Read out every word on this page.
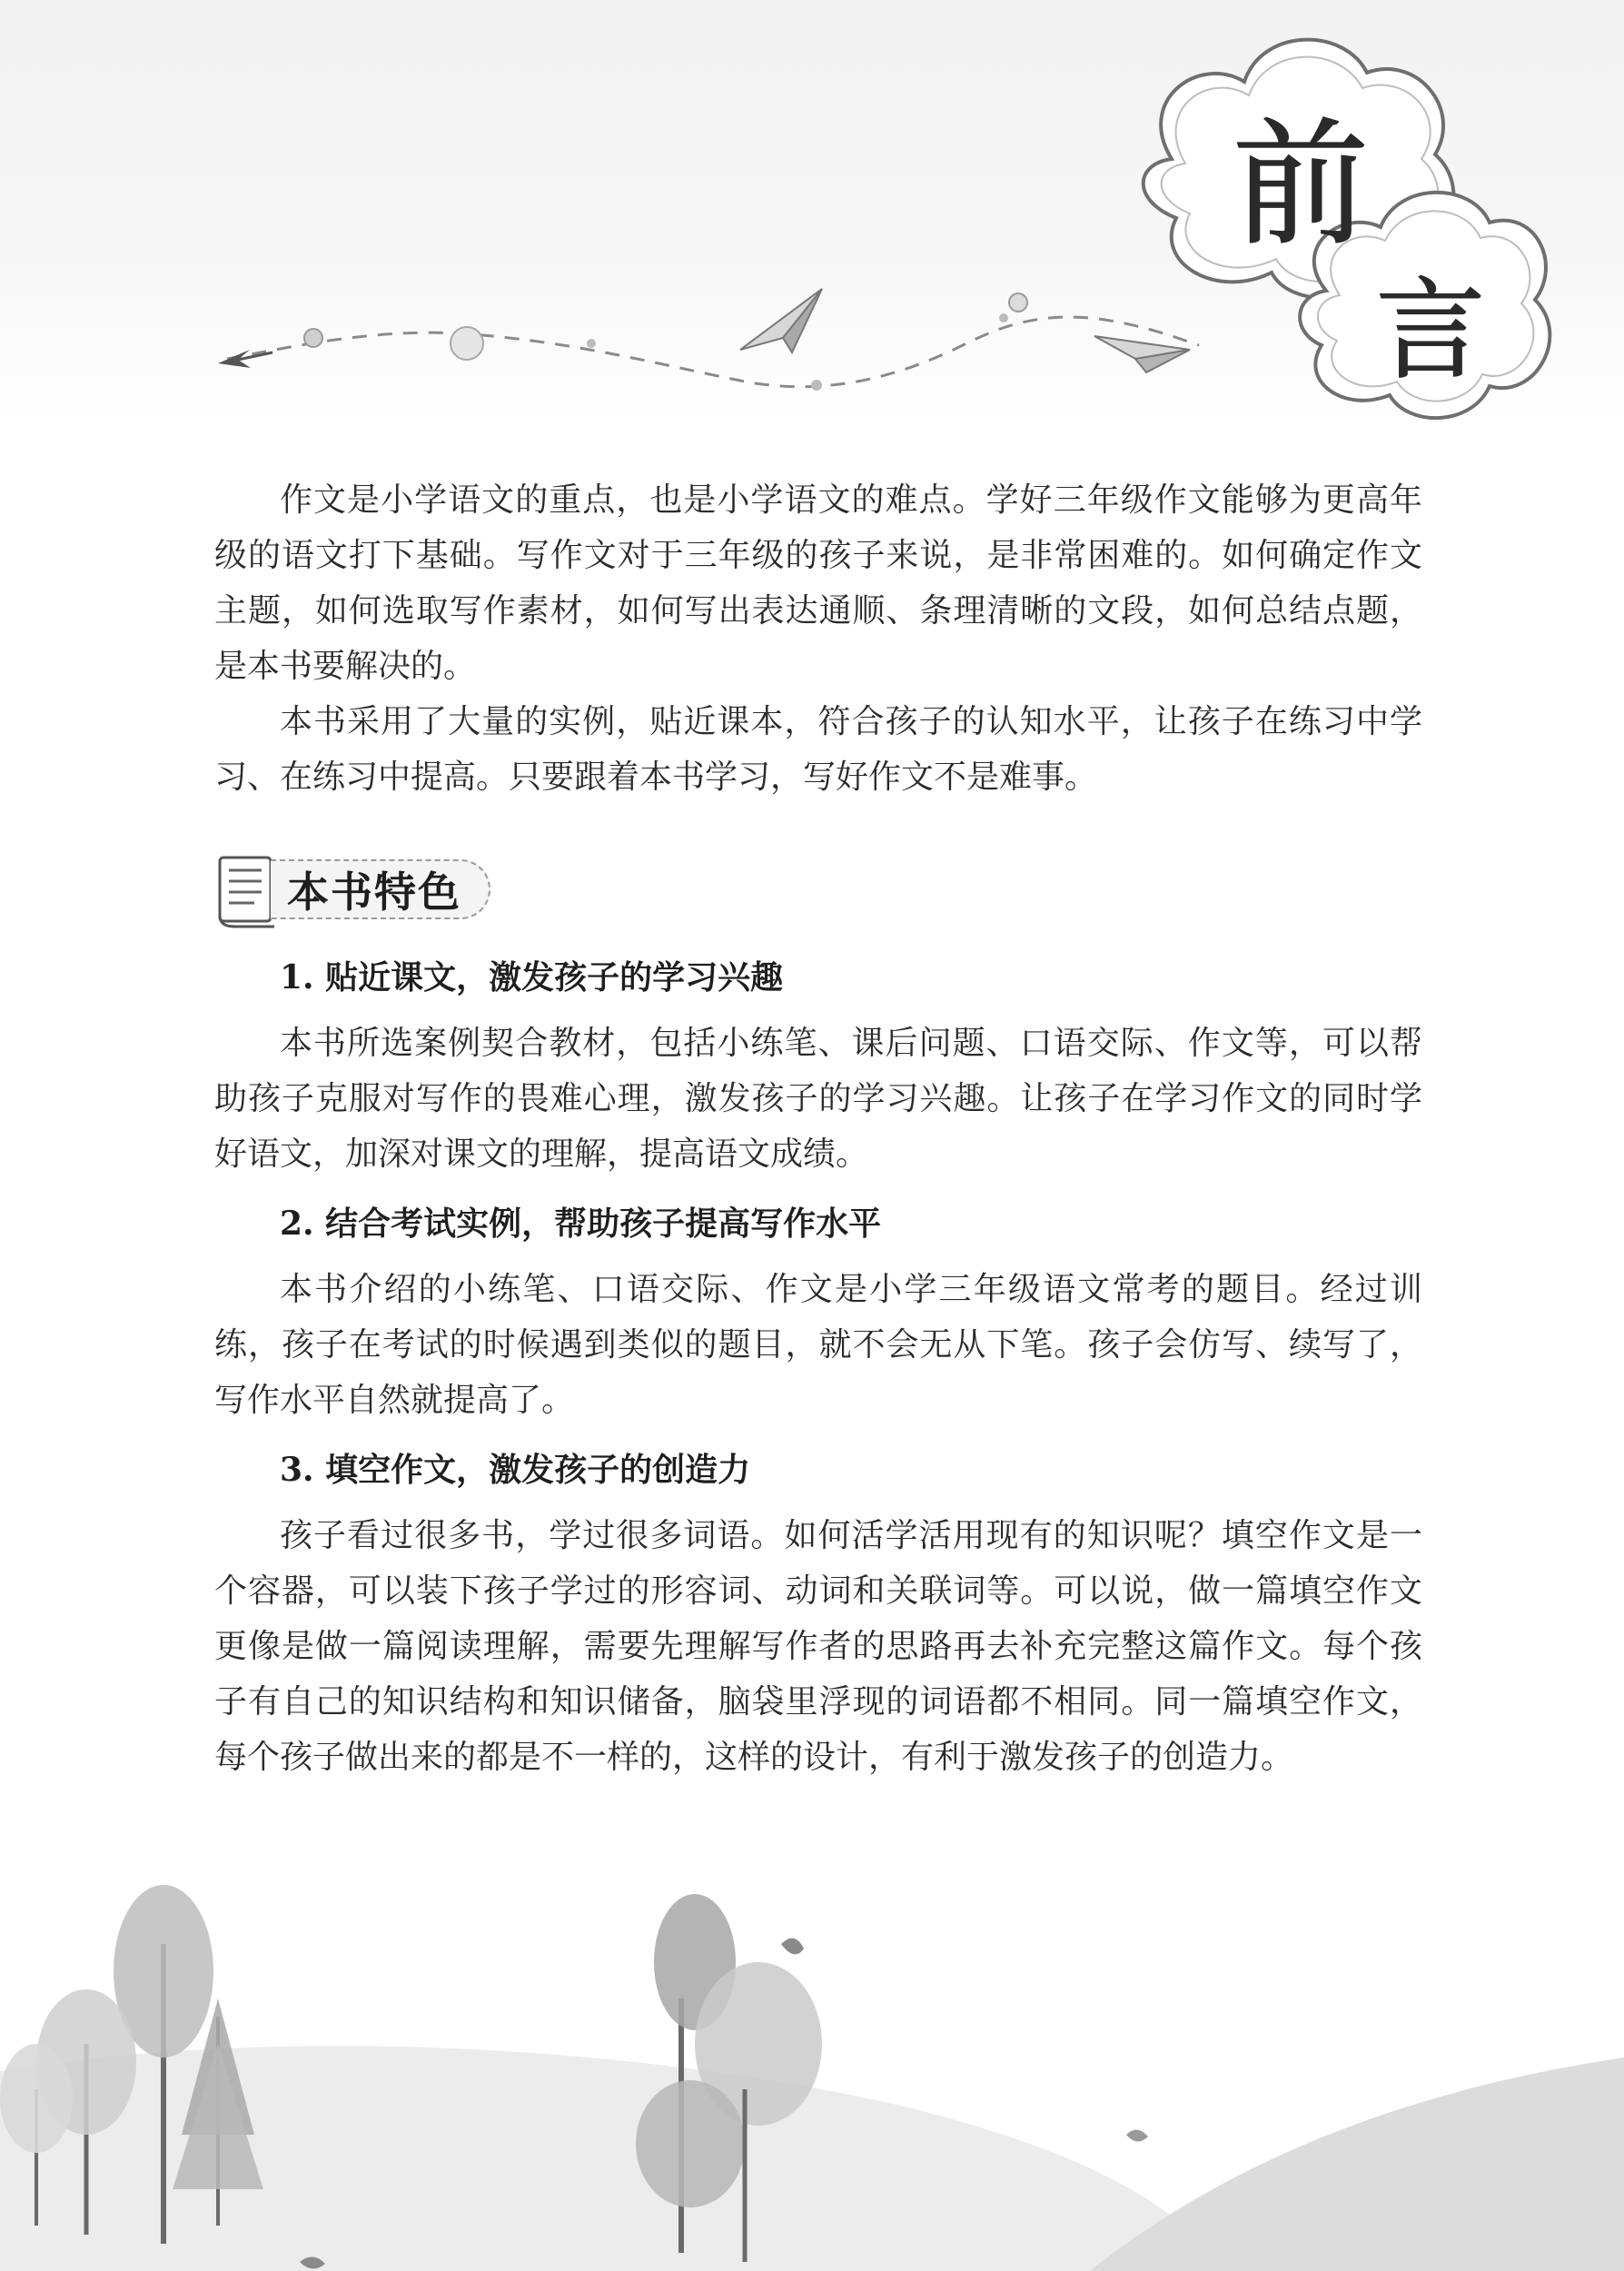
前
言

作文是小学语文的重点，也是小学语文的难点。学好三年级作文能够为更高年级的语文打下基础。写作文对于三年级的孩子来说，是非常困难的。如何确定作文主题，如何选取写作素材，如何写出表达通顺、条理清晰的文段，如何总结点题，是本书要解决的。

本书采用了大量的实例，贴近课本，符合孩子的认知水平，让孩子在练习中学习、在练习中提高。只要跟着本书学习，写好作文不是难事。

本书特色
1. 贴近课文，激发孩子的学习兴趣

本书所选案例契合教材，包括小练笔、课后问题、口语交际、作文等，可以帮助孩子克服对写作的畏难心理，激发孩子的学习兴趣。让孩子在学习作文的同时学好语文，加深对课文的理解，提高语文成绩。

2. 结合考试实例，帮助孩子提高写作水平

本书介绍的小练笔、口语交际、作文是小学三年级语文常考的题目。经过训练，孩子在考试的时候遇到类似的题目，就不会无从下笔。孩子会仿写、续写了，写作水平自然就提高了。

3. 填空作文，激发孩子的创造力

孩子看过很多书，学过很多词语。如何活学活用现有的知识呢？填空作文是一个容器，可以装下孩子学过的形容词、动词和关联词等。可以说，做一篇填空作文更像是做一篇阅读理解，需要先理解写作者的思路再去补充完整这篇作文。每个孩子有自己的知识结构和知识储备，脑袋里浮现的词语都不相同。同一篇填空作文，每个孩子做出来的都是不一样的，这样的设计，有利于激发孩子的创造力。
